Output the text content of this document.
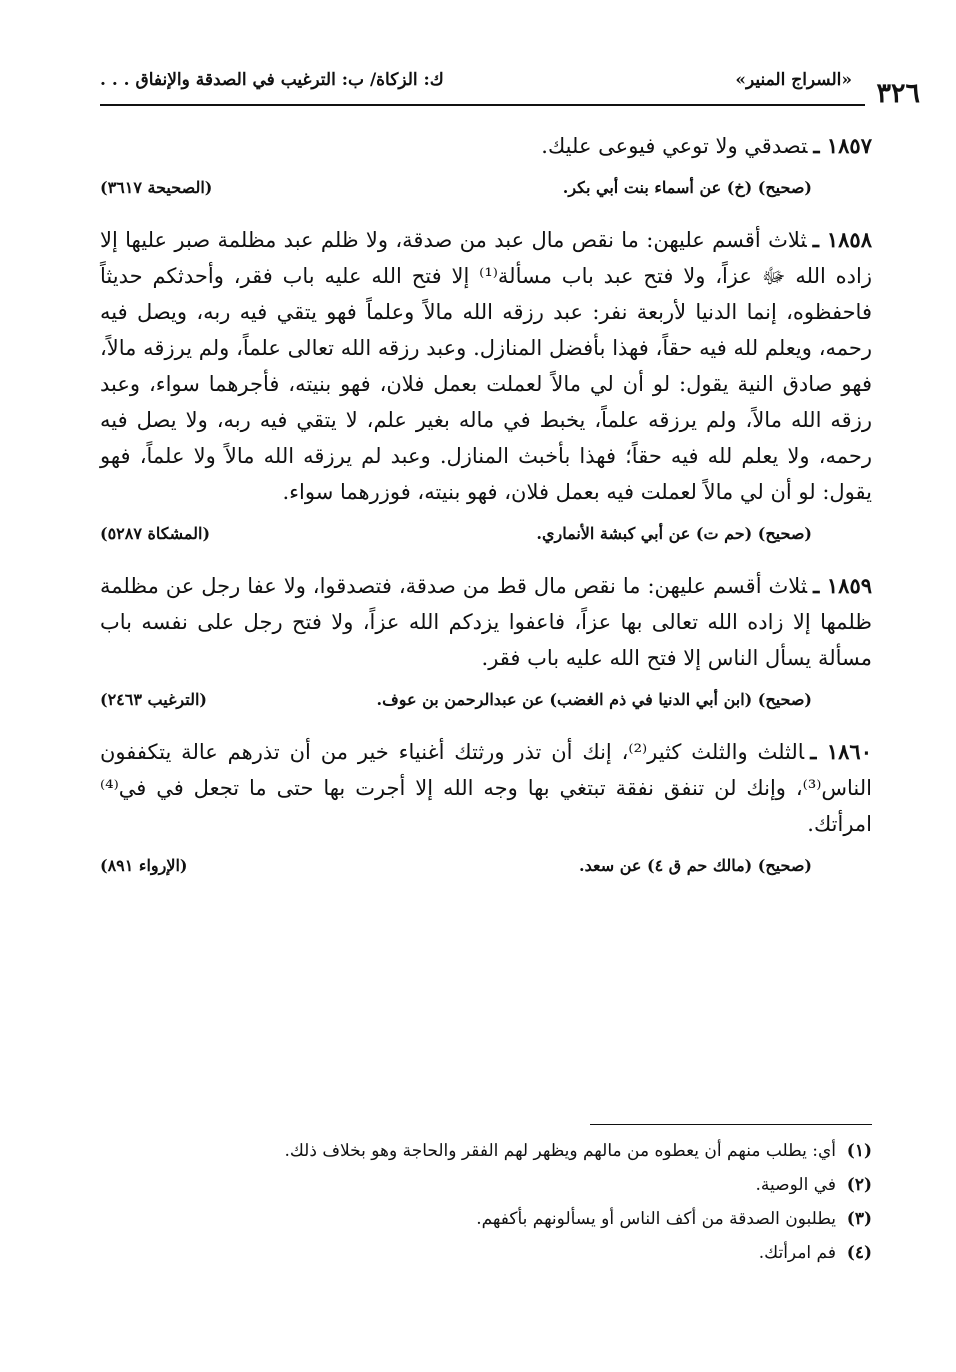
٣٢٦
«السراج المنير»
ك: الزكاة/ ب: الترغيب في الصدقة والإنفاق . . .

١٨٥٧ ـتصدقي ولا توعي فيوعى عليك.

(صحيح) (خ) عن أسماء بنت أبي بكر.
(الصحيحة ٣٦١٧)

١٨٥٨ ـثلاث أقسم عليهن: ما نقص مال عبد من صدقة، ولا ظلم عبد مظلمة صبر عليها إلا زاده الله ﷻ عزاً، ولا فتح عبد باب مسألة⁽¹⁾ إلا فتح الله عليه باب فقر، وأحدثكم حديثاً فاحفظوه، إنما الدنيا لأربعة نفر: عبد رزقه الله مالاً وعلماً فهو يتقي فيه ربه، ويصل فيه رحمه، ويعلم لله فيه حقاً، فهذا بأفضل المنازل. وعبد رزقه الله تعالى علماً، ولم يرزقه مالاً، فهو صادق النية يقول: لو أن لي مالاً لعملت بعمل فلان، فهو بنيته، فأجرهما سواء، وعبد رزقه الله مالاً، ولم يرزقه علماً، يخبط في ماله بغير علم، لا يتقي فيه ربه، ولا يصل فيه رحمه، ولا يعلم لله فيه حقاً؛ فهذا بأخبث المنازل. وعبد لم يرزقه الله مالاً ولا علماً، فهو يقول: لو أن لي مالاً لعملت فيه بعمل فلان، فهو بنيته، فوزرهما سواء.

(صحيح) (حم ت) عن أبي كبشة الأنماري.
(المشكاة ٥٢٨٧)

١٨٥٩ ـثلاث أقسم عليهن: ما نقص مال قط من صدقة، فتصدقوا، ولا عفا رجل عن مظلمة ظلمها إلا زاده الله تعالى بها عزاً، فاعفوا يزدكم الله عزاً، ولا فتح رجل على نفسه باب مسألة يسأل الناس إلا فتح الله عليه باب فقر.

(صحيح) (ابن أبي الدنيا في ذم الغضب) عن عبدالرحمن بن عوف.
(الترغيب ٢٤٦٣)

١٨٦٠ ـالثلث والثلث كثير⁽²⁾، إنك أن تذر ورثتك أغنياء خير من أن تذرهم عالة يتكففون الناس⁽³⁾، وإنك لن تنفق نفقة تبتغي بها وجه الله إلا أجرت بها حتى ما تجعل في في⁽⁴⁾ امرأتك.

(صحيح) (مالك حم ق ٤) عن سعد.
(الإرواء ٨٩١)
(١)أي: يطلب منهم أن يعطوه من مالهم ويظهر لهم الفقر والحاجة وهو بخلاف ذلك.
(٢)في الوصية.
(٣)يطلبون الصدقة من أكف الناس أو يسألونهم بأكفهم.
(٤)فم امرأتك.
